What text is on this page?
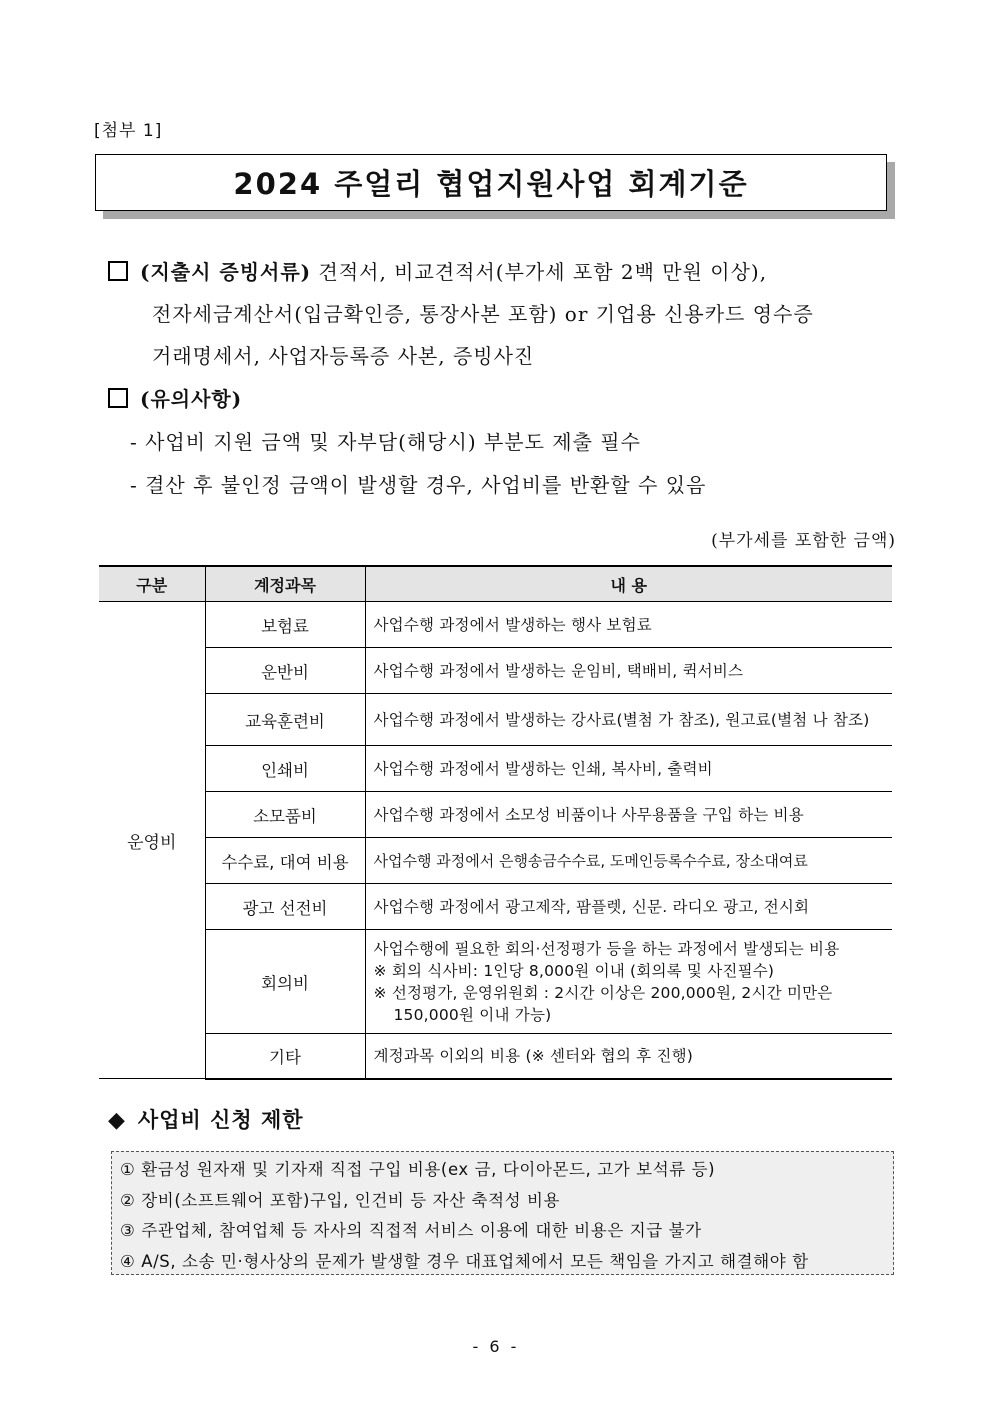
[첨부 1]
2024 주얼리 협업지원사업 회계기준
(지출시 증빙서류) 견적서, 비교견적서(부가세 포함 2백 만원 이상),
전자세금계산서(입금확인증, 통장사본 포함) or 기업용 신용카드 영수증
거래명세서, 사업자등록증 사본, 증빙사진
(유의사항)
- 사업비 지원 금액 및 자부담(해당시) 부분도 제출 필수
- 결산 후 불인정 금액이 발생할 경우, 사업비를 반환할 수 있음
(부가세를 포함한 금액)
구분	계정과목	내 용
운영비	보험료	사업수행 과정에서 발생하는 행사 보험료
	운반비	사업수행 과정에서 발생하는 운임비, 택배비, 퀵서비스
	교육훈련비	사업수행 과정에서 발생하는 강사료(별첨 가 참조), 원고료(별첨 나 참조)
	인쇄비	사업수행 과정에서 발생하는 인쇄, 복사비, 출력비
	소모품비	사업수행 과정에서 소모성 비품이나 사무용품을 구입 하는 비용
	수수료, 대여 비용	사업수행 과정에서 은행송금수수료, 도메인등록수수료, 장소대여료
	광고 선전비	사업수행 과정에서 광고제작, 팜플렛, 신문. 라디오 광고, 전시회
	회의비	사업수행에 필요한 회의·선정평가 등을 하는 과정에서 발생되는 비용
※ 회의 식사비: 1인당 8,000원 이내 (회의록 및 사진필수)
※ 선정평가, 운영위원회 : 2시간 이상은 200,000원, 2시간 미만은 150,000원 이내 가능)

	기타	계정과목 이외의 비용 (※ 센터와 협의 후 진행)
◆ 사업비 신청 제한
① 환금성 원자재 및 기자재 직접 구입 비용(ex 금, 다이아몬드, 고가 보석류 등)
② 장비(소프트웨어 포함)구입, 인건비 등 자산 축적성 비용
③ 주관업체, 참여업체 등 자사의 직접적 서비스 이용에 대한 비용은 지급 불가
④ A/S, 소송 민·형사상의 문제가 발생할 경우 대표업체에서 모든 책임을 가지고 해결해야 함
- 6 -
